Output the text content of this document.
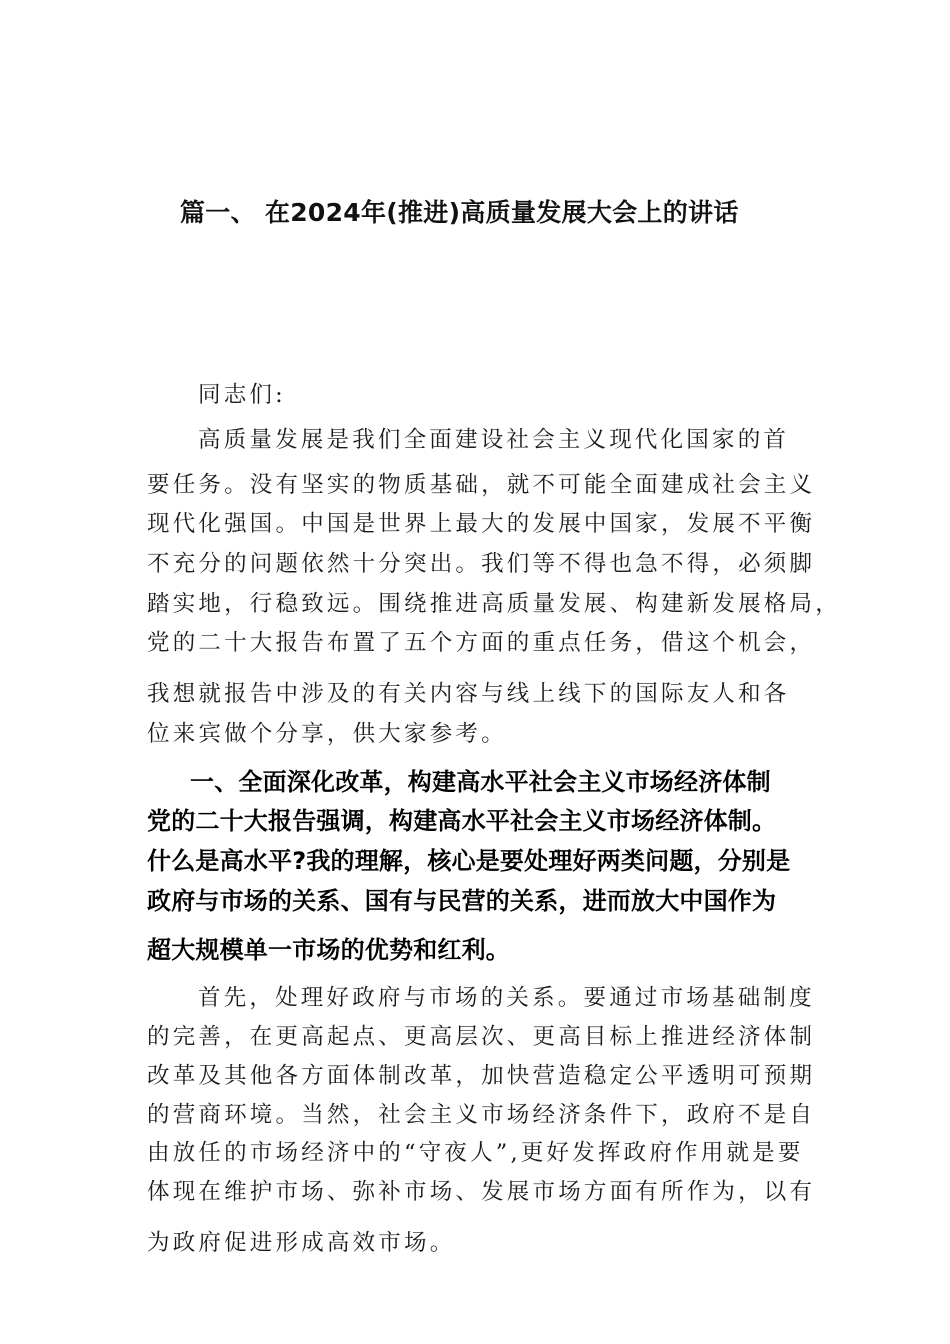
篇一、 在2024年(推进)高质量发展大会上的讲话

同志们:

高质量发展是我们全面建设社会主义现代化国家的首

要任务。没有坚实的物质基础，就不可能全面建成社会主义

现代化强国。中国是世界上最大的发展中国家，发展不平衡

不充分的问题依然十分突出。我们等不得也急不得，必须脚

踏实地，行稳致远。围绕推进高质量发展、构建新发展格局，

党的二十大报告布置了五个方面的重点任务，借这个机会，

我想就报告中涉及的有关内容与线上线下的国际友人和各

位来宾做个分享，供大家参考。

一、全面深化改革，构建高水平社会主义市场经济体制

党的二十大报告强调，构建高水平社会主义市场经济体制。

什么是高水平?我的理解，核心是要处理好两类问题，分别是

政府与市场的关系、国有与民营的关系，进而放大中国作为

超大规模单一市场的优势和红利。

首先，处理好政府与市场的关系。要通过市场基础制度

的完善，在更高起点、更高层次、更高目标上推进经济体制

改革及其他各方面体制改革，加快营造稳定公平透明可预期

的营商环境。当然，社会主义市场经济条件下，政府不是自

由放任的市场经济中的“守夜人”,更好发挥政府作用就是要

体现在维护市场、弥补市场、发展市场方面有所作为，以有

为政府促进形成高效市场。
